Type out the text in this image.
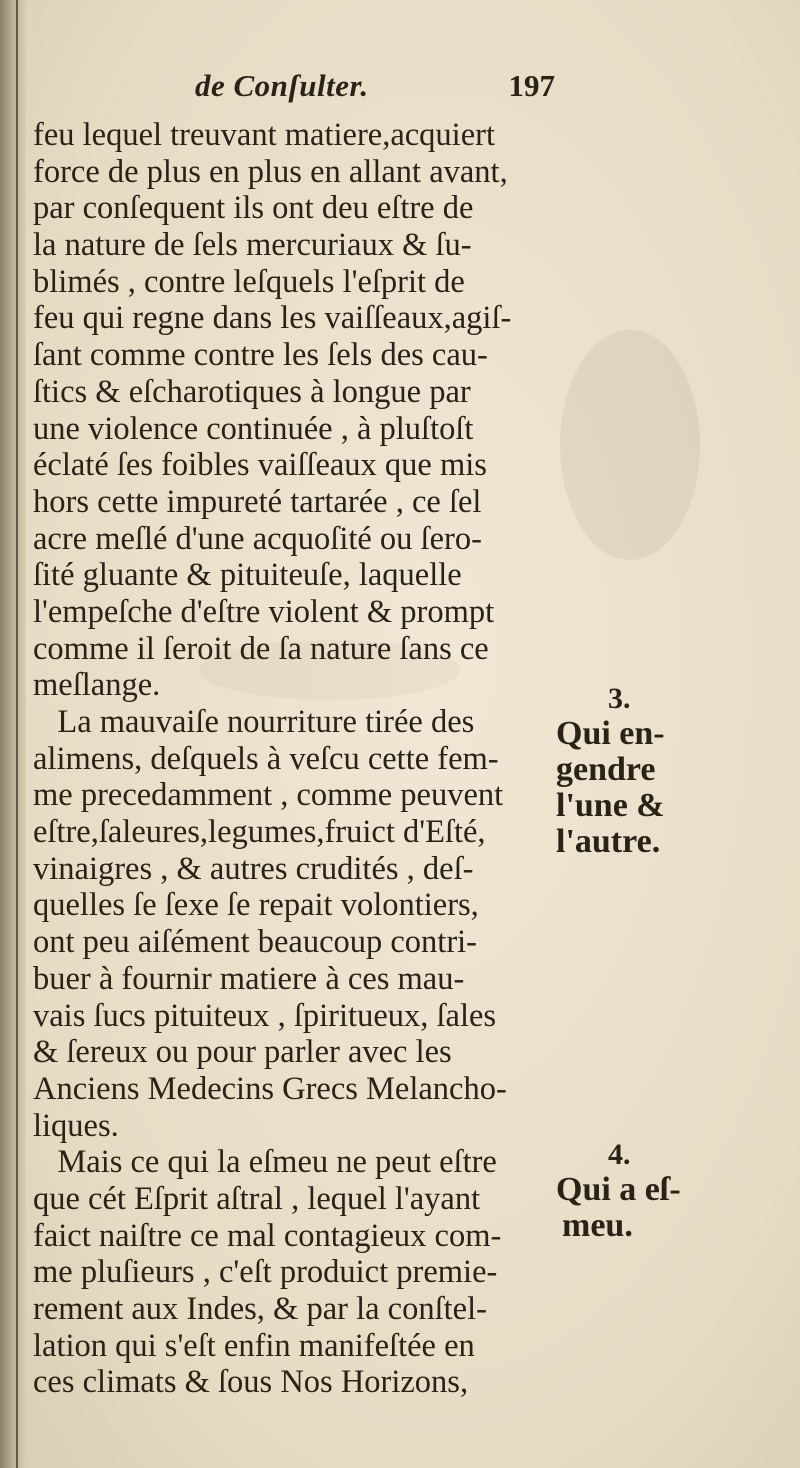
de Conſulter.	197
feu lequel treuvant matiere,acquiert
force de plus en plus en allant avant,
par conſequent ils ont deu eſtre de
la nature de ſels mercuriaux & ſu-
blimés , contre leſquels l'eſprit de
feu qui regne dans les vaiſſeaux,agiſ-
ſant comme contre les ſels des cau-
ſtics & eſcharotiques à longue par
une violence continuée , à pluſtoſt
éclaté ſes foibles vaiſſeaux que mis
hors cette impureté tartarée , ce ſel
acre meſlé d'une acquoſité ou ſero-
ſité gluante & pituiteuſe, laquelle
l'empeſche d'eſtre violent & prompt
comme il ſeroit de ſa nature ſans ce
meſlange.
La mauvaiſe nourriture tirée des
alimens, deſquels à veſcu cette fem-
me precedamment , comme peuvent
eſtre,ſaleures,legumes,fruict d'Eſté,
vinaigres , & autres crudités , deſ-
quelles ſe ſexe ſe repait volontiers,
ont peu aiſément beaucoup contri-
buer à fournir matiere à ces mau-
vais ſucs pituiteux , ſpiritueux, ſales
& ſereux ou pour parler avec les
Anciens Medecins Grecs Melancho-
liques.
Mais ce qui la eſmeu ne peut eſtre
que cét Eſprit aſtral , lequel l'ayant
faict naiſtre ce mal contagieux com-
me pluſieurs , c'eſt produict premie-
rement aux Indes, & par la conſtel-
lation qui s'eſt enfin manifeſtée en
ces climats & ſous Nos Horizons,
3.
Qui en-
gendre
l'une &
l'autre.
4.
Qui a eſ-
meu.
